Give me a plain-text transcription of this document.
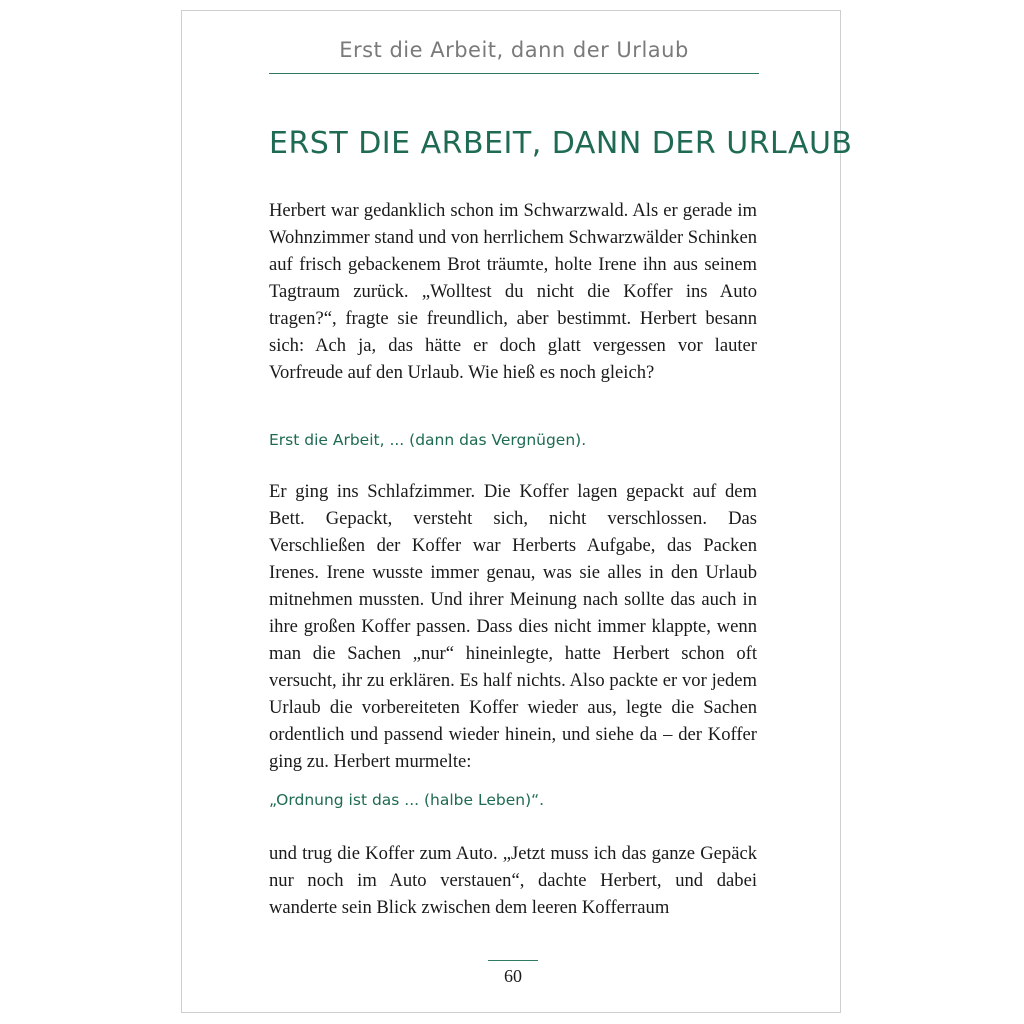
Erst die Arbeit, dann der Urlaub
ERST DIE ARBEIT, DANN DER URLAUB

Herbert war gedanklich schon im Schwarzwald. Als er gerade im Wohnzimmer stand und von herrlichem Schwarzwälder Schinken auf frisch gebackenem Brot träumte, holte Irene ihn aus seinem Tagtraum zurück. „Wolltest du nicht die Koffer ins Auto tragen?“, fragte sie freundlich, aber bestimmt. Herbert besann sich: Ach ja, das hätte er doch glatt vergessen vor lauter Vorfreude auf den Urlaub. Wie hieß es noch gleich?

Erst die Arbeit, ... (dann das Vergnügen).

Er ging ins Schlafzimmer. Die Koffer lagen gepackt auf dem Bett. Gepackt, versteht sich, nicht verschlossen. Das Verschließen der Koffer war Herberts Aufgabe, das Packen Irenes. Irene wusste immer genau, was sie alles in den Urlaub mitnehmen mussten. Und ihrer Meinung nach sollte das auch in ihre großen Koffer passen. Dass dies nicht immer klappte, wenn man die Sachen „nur“ hineinlegte, hatte Herbert schon oft versucht, ihr zu erklären. Es half nichts. Also packte er vor jedem Urlaub die vorbereiteten Koffer wieder aus, legte die Sachen ordentlich und passend wieder hinein, und siehe da – der Koffer ging zu. Herbert murmelte:

„Ordnung ist das ... (halbe Leben)“.

und trug die Koffer zum Auto. „Jetzt muss ich das ganze Gepäck nur noch im Auto verstauen“, dachte Herbert, und dabei wanderte sein Blick zwischen dem leeren Kofferraum

60
